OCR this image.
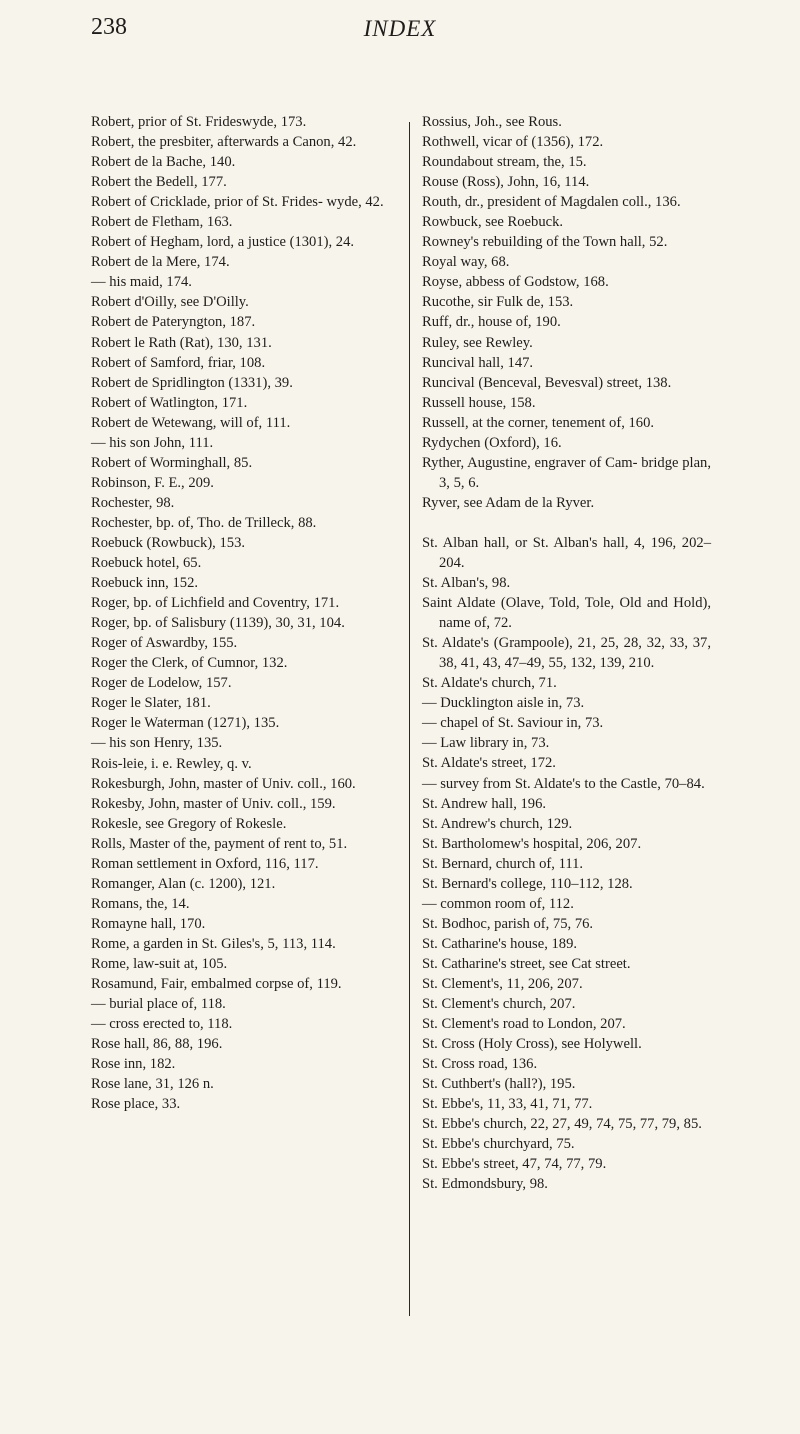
238	INDEX
Robert, prior of St. Frideswyde, 173.
Robert, the presbiter, afterwards a Canon, 42.
Robert de la Bache, 140.
Robert the Bedell, 177.
Robert of Cricklade, prior of St. Frides- wyde, 42.
Robert de Fletham, 163.
Robert of Hegham, lord, a justice (1301), 24.
Robert de la Mere, 174.
— his maid, 174.
Robert d'Oilly, see D'Oilly.
Robert de Pateryngton, 187.
Robert le Rath (Rat), 130, 131.
Robert of Samford, friar, 108.
Robert de Spridlington (1331), 39.
Robert of Watlington, 171.
Robert de Wetewang, will of, 111.
— his son John, 111.
Robert of Worminghall, 85.
Robinson, F. E., 209.
Rochester, 98.
Rochester, bp. of, Tho. de Trilleck, 88.
Roebuck (Rowbuck), 153.
Roebuck hotel, 65.
Roebuck inn, 152.
Roger, bp. of Lichfield and Coventry, 171.
Roger, bp. of Salisbury (1139), 30, 31, 104.
Roger of Aswardby, 155.
Roger the Clerk, of Cumnor, 132.
Roger de Lodelow, 157.
Roger le Slater, 181.
Roger le Waterman (1271), 135.
— his son Henry, 135.
Rois-leie, i. e. Rewley, q. v.
Rokesburgh, John, master of Univ. coll., 160.
Rokesby, John, master of Univ. coll., 159.
Rokesle, see Gregory of Rokesle.
Rolls, Master of the, payment of rent to, 51.
Roman settlement in Oxford, 116, 117.
Romanger, Alan (c. 1200), 121.
Romans, the, 14.
Romayne hall, 170.
Rome, a garden in St. Giles's, 5, 113, 114.
Rome, law-suit at, 105.
Rosamund, Fair, embalmed corpse of, 119.
— burial place of, 118.
— cross erected to, 118.
Rose hall, 86, 88, 196.
Rose inn, 182.
Rose lane, 31, 126 n.
Rose place, 33.
Rossius, Joh., see Rous.
Rothwell, vicar of (1356), 172.
Roundabout stream, the, 15.
Rouse (Ross), John, 16, 114.
Routh, dr., president of Magdalen coll., 136.
Rowbuck, see Roebuck.
Rowney's rebuilding of the Town hall, 52.
Royal way, 68.
Royse, abbess of Godstow, 168.
Rucothe, sir Fulk de, 153.
Ruff, dr., house of, 190.
Ruley, see Rewley.
Runcival hall, 147.
Runcival (Benceval, Bevesval) street, 138.
Russell house, 158.
Russell, at the corner, tenement of, 160.
Rydychen (Oxford), 16.
Ryther, Augustine, engraver of Cam- bridge plan, 3, 5, 6.
Ryver, see Adam de la Ryver.
St. Alban hall, or St. Alban's hall, 4, 196, 202–204.
St. Alban's, 98.
Saint Aldate (Olave, Told, Tole, Old and Hold), name of, 72.
St. Aldate's (Grampoole), 21, 25, 28, 32, 33, 37, 38, 41, 43, 47–49, 55, 132, 139, 210.
St. Aldate's church, 71.
— Ducklington aisle in, 73.
— chapel of St. Saviour in, 73.
— Law library in, 73.
St. Aldate's street, 172.
— survey from St. Aldate's to the Castle, 70–84.
St. Andrew hall, 196.
St. Andrew's church, 129.
St. Bartholomew's hospital, 206, 207.
St. Bernard, church of, 111.
St. Bernard's college, 110–112, 128.
— common room of, 112.
St. Bodhoc, parish of, 75, 76.
St. Catharine's house, 189.
St. Catharine's street, see Cat street.
St. Clement's, 11, 206, 207.
St. Clement's church, 207.
St. Clement's road to London, 207.
St. Cross (Holy Cross), see Holywell.
St. Cross road, 136.
St. Cuthbert's (hall?), 195.
St. Ebbe's, 11, 33, 41, 71, 77.
St. Ebbe's church, 22, 27, 49, 74, 75, 77, 79, 85.
St. Ebbe's churchyard, 75.
St. Ebbe's street, 47, 74, 77, 79.
St. Edmondsbury, 98.
